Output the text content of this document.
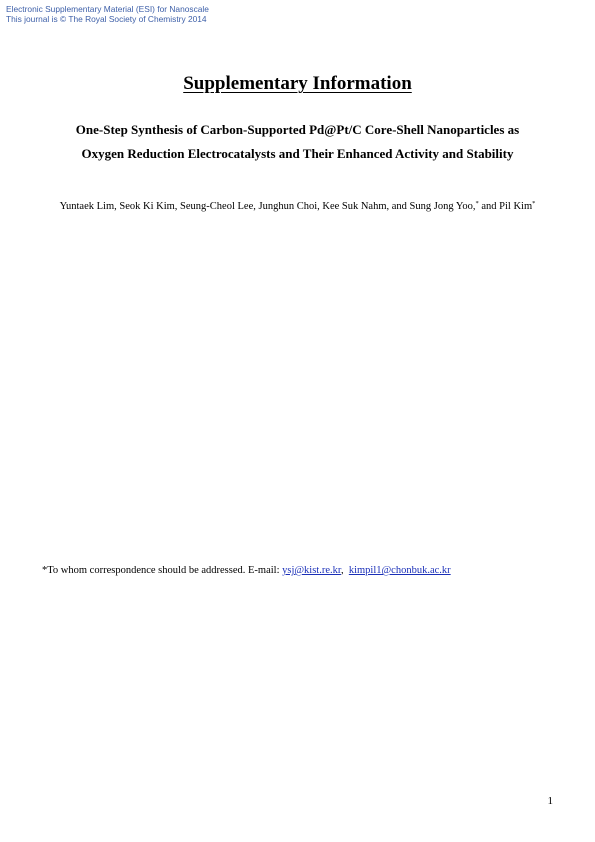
Electronic Supplementary Material (ESI) for Nanoscale
This journal is © The Royal Society of Chemistry 2014
Supplementary Information
One-Step Synthesis of Carbon-Supported Pd@Pt/C Core-Shell Nanoparticles as
Oxygen Reduction Electrocatalysts and Their Enhanced Activity and Stability
Yuntaek Lim, Seok Ki Kim, Seung-Cheol Lee, Junghun Choi, Kee Suk Nahm, and Sung Jong Yoo,* and Pil Kim*
*To whom correspondence should be addressed. E-mail: ysj@kist.re.kr,  kimpil1@chonbuk.ac.kr
1
